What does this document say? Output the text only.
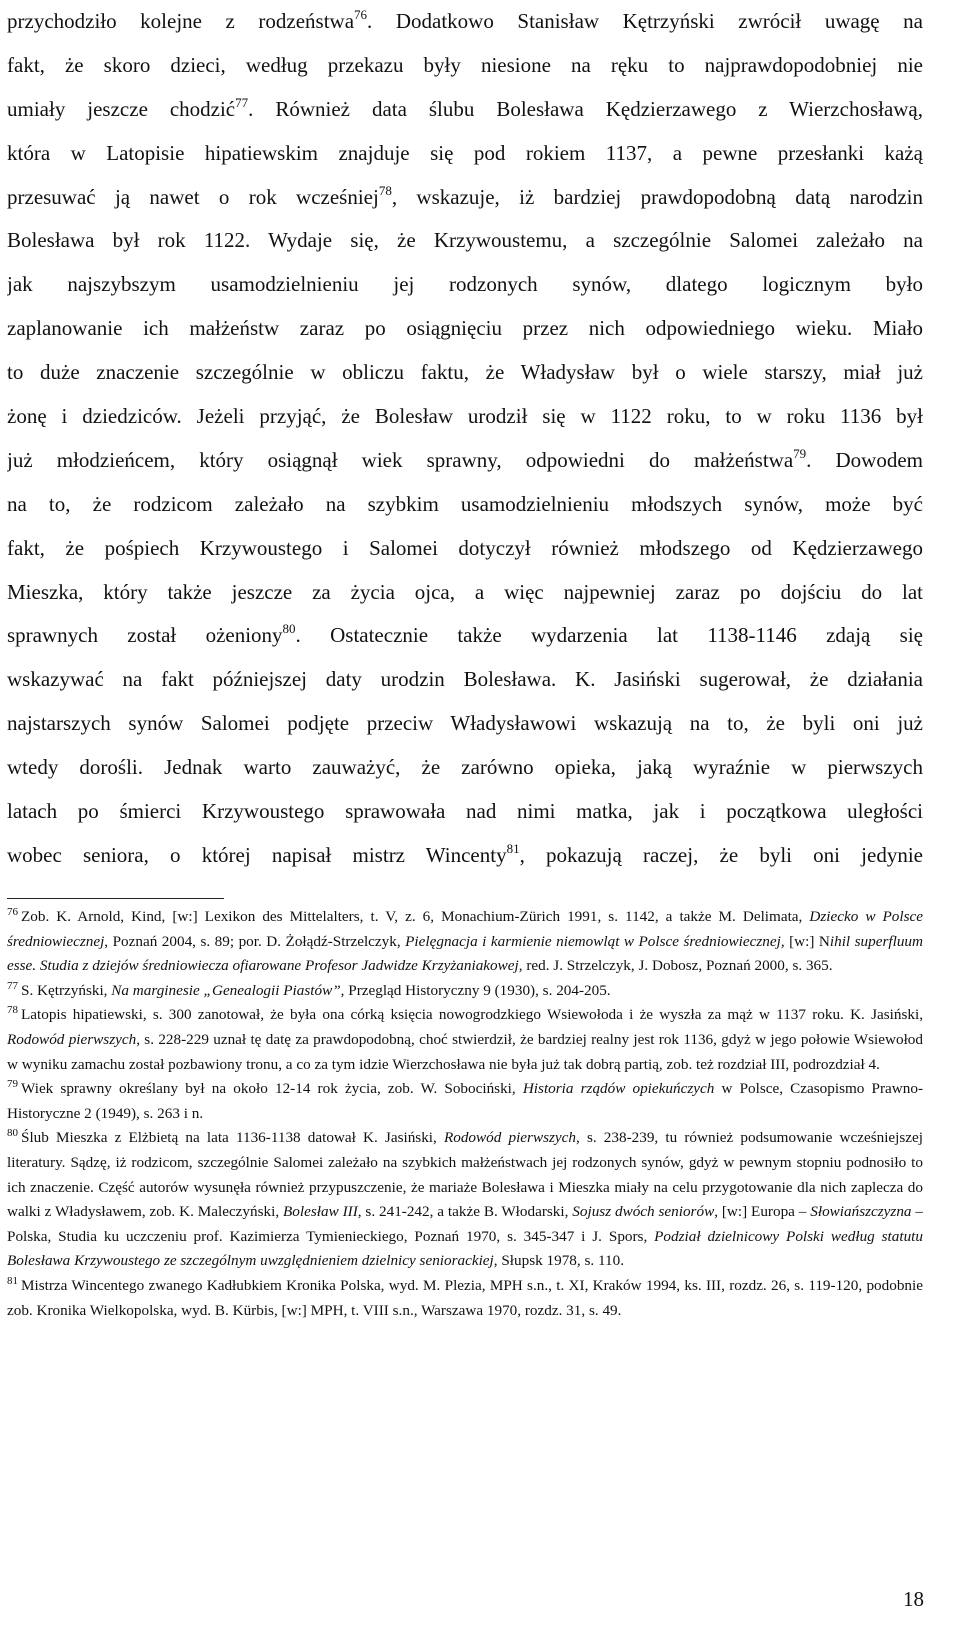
przychodziło kolejne z rodzeństwa$^{76}$. Dodatkowo Stanisław Kętrzyński zwrócił uwagę na
fakt, że skoro dzieci, według przekazu były niesione na ręku to najprawdopodobniej nie
umiały jeszcze chodzić$^{77}$. Również data ślubu Bolesława Kędzierzawego z Wierzchosławą,
która w Latopisie hipatiewskim znajduje się pod rokiem 1137, a pewne przesłanki każą
przesuwać ją nawet o rok wcześniej$^{78}$, wskazuje, iż bardziej prawdopodobną datą narodzin
Bolesława był rok 1122. Wydaje się, że Krzywoustemu, a szczególnie Salomei zależało na
jak najszybszym usamodzielnieniu jej rodzonych synów, dlatego logicznym było
zaplanowanie ich małżeństw zaraz po osiągnięciu przez nich odpowiedniego wieku. Miało
to duże znaczenie szczególnie w obliczu faktu, że Władysław był o wiele starszy, miał już
żonę i dziedziców. Jeżeli przyjąć, że Bolesław urodził się w 1122 roku, to w roku 1136 był
już młodzieńcem, który osiągnął wiek sprawny, odpowiedni do małżeństwa$^{79}$. Dowodem
na to, że rodzicom zależało na szybkim usamodzielnieniu młodszych synów, może być
fakt, że pośpiech Krzywoustego i Salomei dotyczył również młodszego od Kędzierzawego
Mieszka, który także jeszcze za życia ojca, a więc najpewniej zaraz po dojściu do lat
sprawnych został ożeniony$^{80}$. Ostatecznie także wydarzenia lat 1138-1146 zdają się
wskazywać na fakt późniejszej daty urodzin Bolesława. K. Jasiński sugerował, że działania
najstarszych synów Salomei podjęte przeciw Władysławowi wskazują na to, że byli oni już
wtedy dorośli. Jednak warto zauważyć, że zarówno opieka, jaką wyraźnie w pierwszych
latach po śmierci Krzywoustego sprawowała nad nimi matka, jak i początkowa uległości
wobec seniora, o której napisał mistrz Wincenty$^{81}$, pokazują raczej, że byli oni jedynie

$^{76}$ Zob. K. Arnold, Kind, [w:] Lexikon des Mittelalters, t. V, z. 6, Monachium-Zürich 1991, s. 1142, a także M. Delimata, Dziecko w Polsce średniowiecznej, Poznań 2004, s. 89; por. D. Żołądź-Strzelczyk, Pielęgnacja i karmienie niemowląt w Polsce średniowiecznej, [w:] Nihil superfluum esse. Studia z dziejów średniowiecza ofiarowane Profesor Jadwidze Krzyżaniakowej, red. J. Strzelczyk, J. Dobosz, Poznań 2000, s. 365.

$^{77}$ S. Kętrzyński, Na marginesie „Genealogii Piastów”, Przegląd Historyczny 9 (1930), s. 204-205.

$^{78}$ Latopis hipatiewski, s. 300 zanotował, że była ona córką księcia nowogrodzkiego Wsiewołoda i że wyszła za mąż w 1137 roku. K. Jasiński, Rodowód pierwszych, s. 228-229 uznał tę datę za prawdopodobną, choć stwierdził, że bardziej realny jest rok 1136, gdyż w jego połowie Wsiewołod w wyniku zamachu został pozbawiony tronu, a co za tym idzie Wierzchosława nie była już tak dobrą partią, zob. też rozdział III, podrozdział 4.

$^{79}$ Wiek sprawny określany był na około 12-14 rok życia, zob. W. Sobociński, Historia rządów opiekuńczych w Polsce, Czasopismo Prawno-Historyczne 2 (1949), s. 263 i n.

$^{80}$ Ślub Mieszka z Elżbietą na lata 1136-1138 datował K. Jasiński, Rodowód pierwszych, s. 238-239, tu również podsumowanie wcześniejszej literatury. Sądzę, iż rodzicom, szczególnie Salomei zależało na szybkich małżeństwach jej rodzonych synów, gdyż w pewnym stopniu podnosiło to ich znaczenie. Część autorów wysunęła również przypuszczenie, że mariaże Bolesława i Mieszka miały na celu przygotowanie dla nich zaplecza do walki z Władysławem, zob. K. Maleczyński, Bolesław III, s. 241-242, a także B. Włodarski, Sojusz dwóch seniorów, [w:] Europa – Słowiańszczyzna – Polska, Studia ku uczczeniu prof. Kazimierza Tymienieckiego, Poznań 1970, s. 345-347 i J. Spors, Podział dzielnicowy Polski według statutu Bolesława Krzywoustego ze szczególnym uwzględnieniem dzielnicy seniorackiej, Słupsk 1978, s. 110.

$^{81}$ Mistrza Wincentego zwanego Kadłubkiem Kronika Polska, wyd. M. Plezia, MPH s.n., t. XI, Kraków 1994, ks. III, rozdz. 26, s. 119-120, podobnie zob. Kronika Wielkopolska, wyd. B. Kürbis, [w:] MPH, t. VIII s.n., Warszawa 1970, rozdz. 31, s. 49.

18
